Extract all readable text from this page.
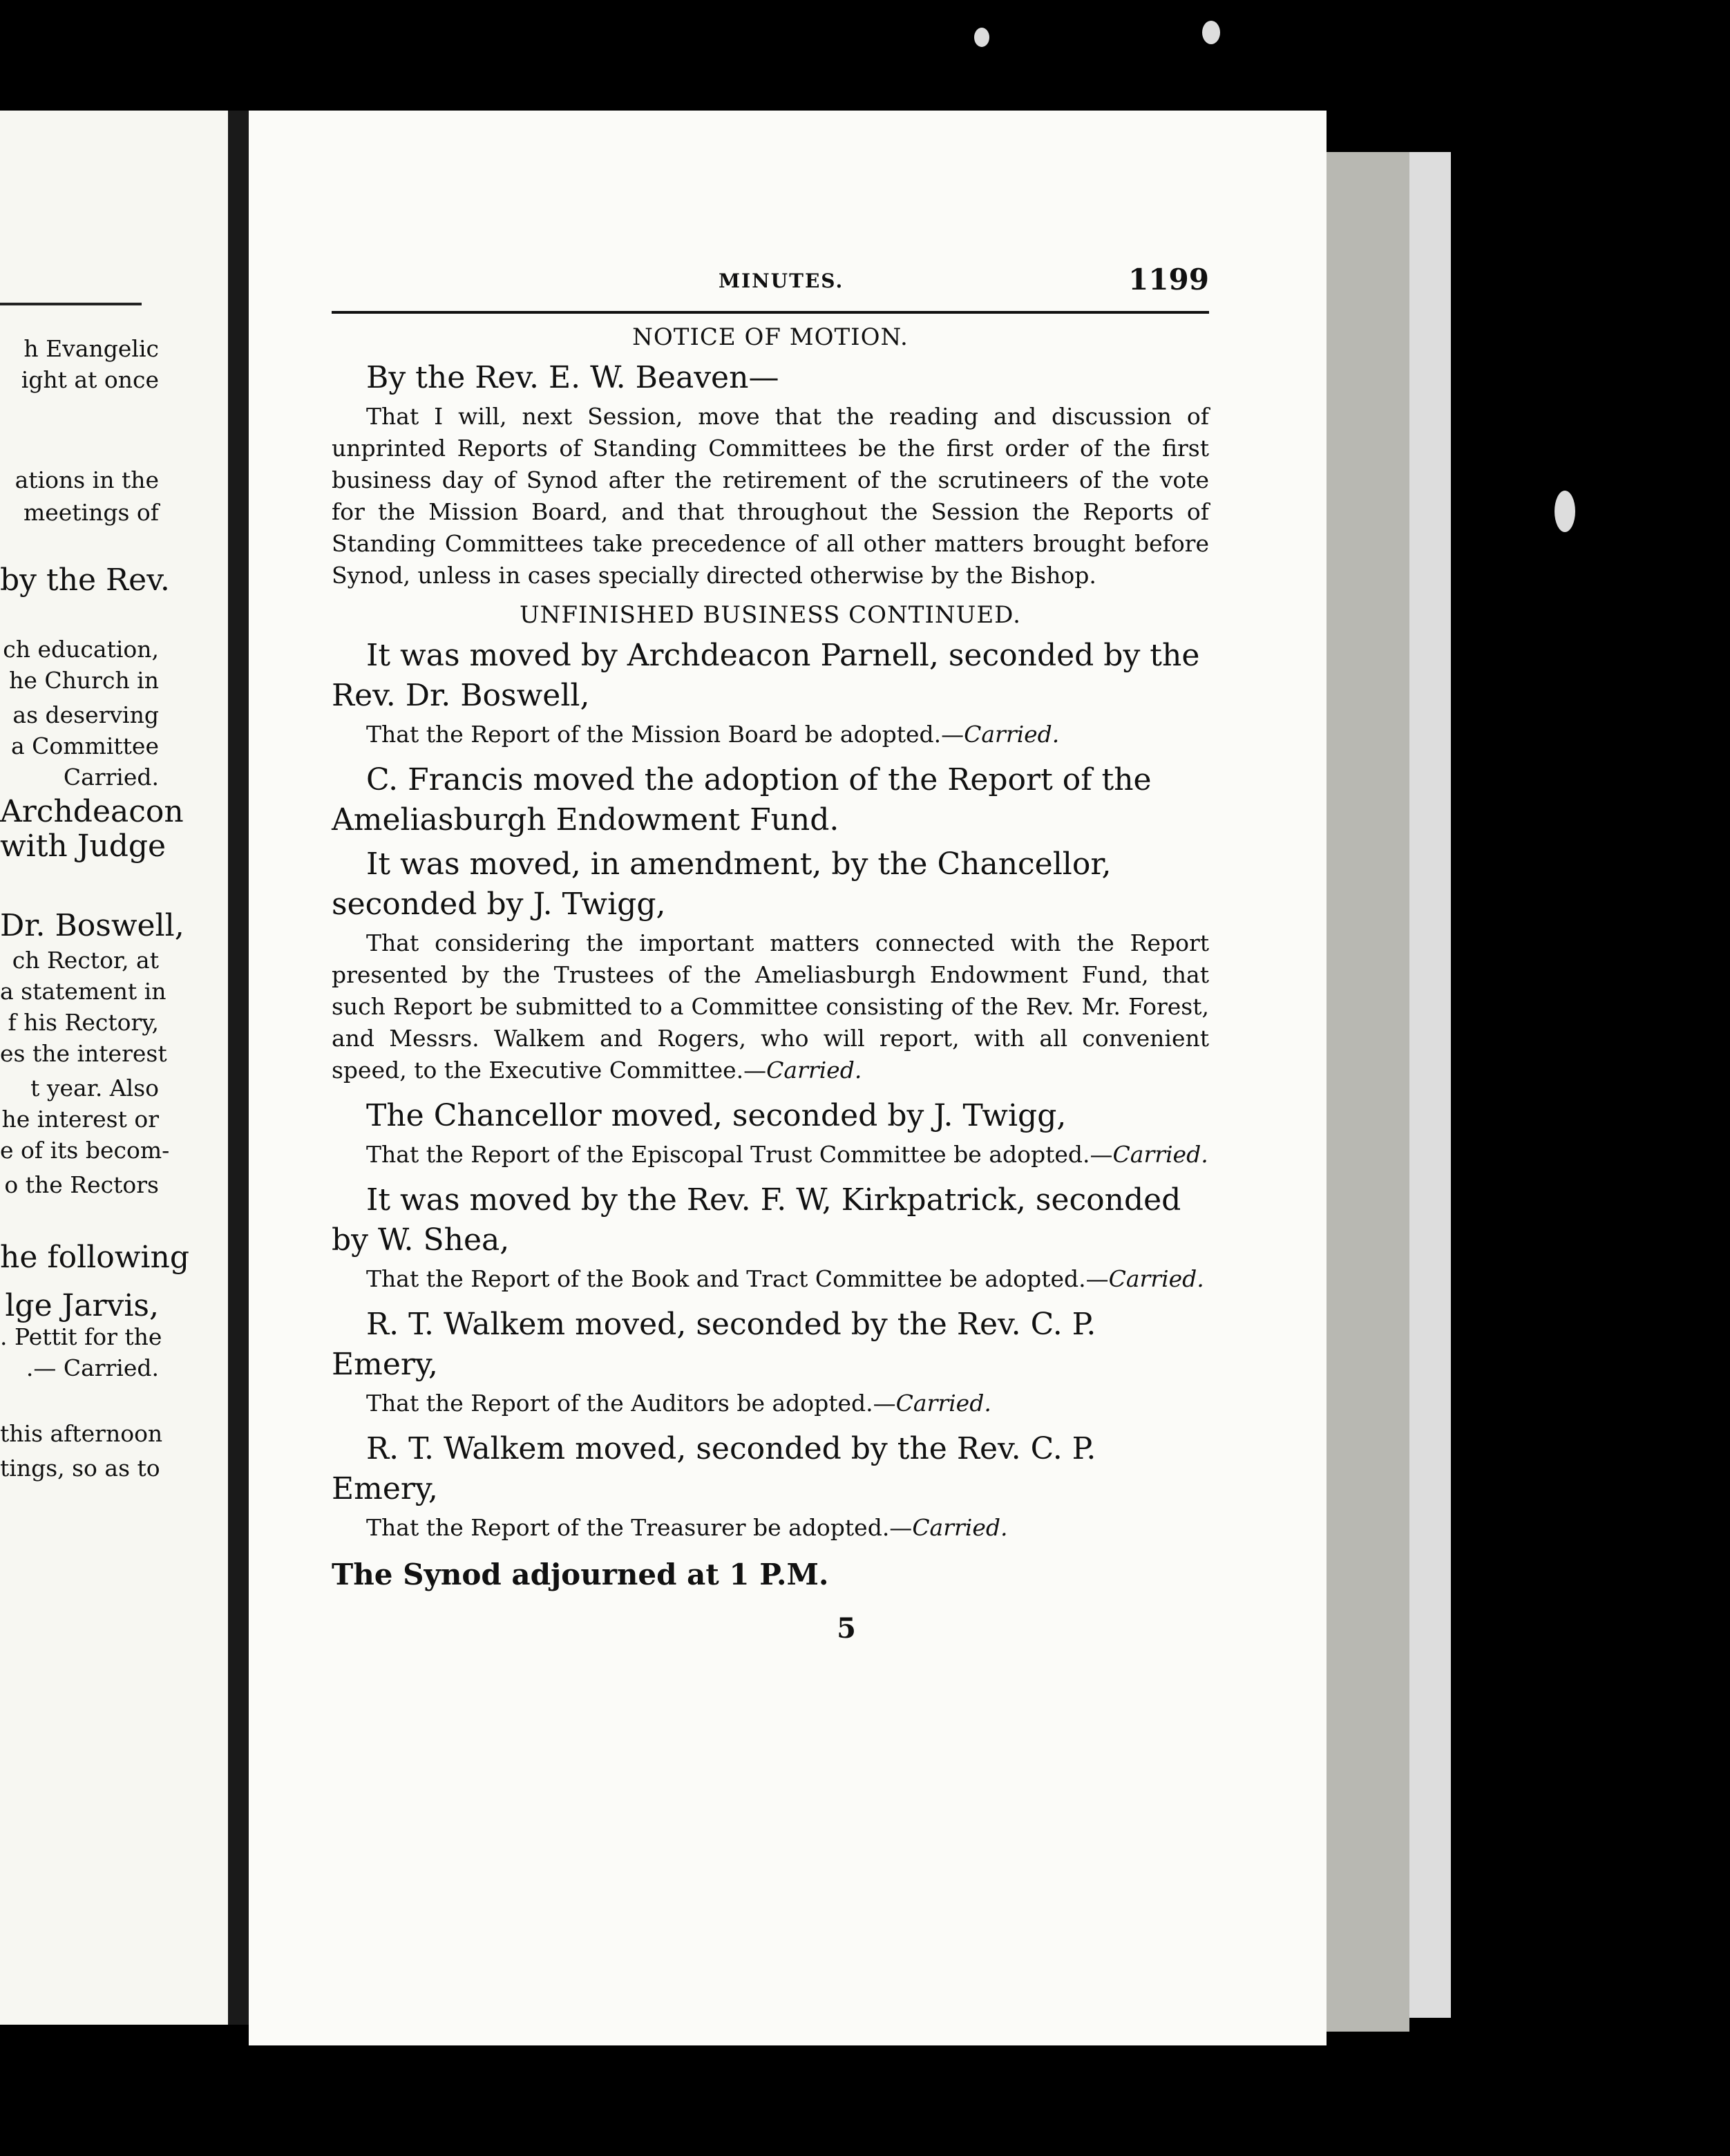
h Evangelic
ight at once
ations in the
meetings of
by the Rev.
ch education,
he Church in
as deserving
a Committee
Carried.
Archdeacon
with Judge
Dr. Boswell,
ch Rector, at
a statement in
f his Rectory,
es the interest
t year. Also
he interest or
e of its becom-
o the Rectors
he following
lge Jarvis,
. Pettit for the
.— Carried.
this afternoon
tings, so as to
MINUTES.	1199
NOTICE OF MOTION.
By the Rev. E. W. Beaven—

That I will, next Session, move that the reading and discussion of unprinted Reports of Standing Committees be the first order of the first business day of Synod after the retirement of the scrutineers of the vote for the Mission Board, and that throughout the Session the Reports of Standing Committees take precedence of all other matters brought before Synod, unless in cases specially directed otherwise by the Bishop.

UNFINISHED BUSINESS CONTINUED.
It was moved by Archdeacon Parnell, seconded by the Rev. Dr. Boswell,

That the Report of the Mission Board be adopted.—Carried.

C. Francis moved the adoption of the Report of the Ameliasburgh Endowment Fund.
It was moved, in amendment, by the Chancellor, seconded by J. Twigg,

That considering the important matters connected with the Report presented by the Trustees of the Ameliasburgh Endowment Fund, that such Report be submitted to a Committee consisting of the Rev. Mr. Forest, and Messrs. Walkem and Rogers, who will report, with all convenient speed, to the Executive Committee.—Carried.

The Chancellor moved, seconded by J. Twigg,

That the Report of the Episcopal Trust Committee be adopted.—Carried.

It was moved by the Rev. F. W, Kirkpatrick, seconded by W. Shea,

That the Report of the Book and Tract Committee be adopted.—Carried.

R. T. Walkem moved, seconded by the Rev. C. P. Emery,

That the Report of the Auditors be adopted.—Carried.

R. T. Walkem moved, seconded by the Rev. C. P. Emery,

That the Report of the Treasurer be adopted.—Carried.

The Synod adjourned at 1 P.M.
5
